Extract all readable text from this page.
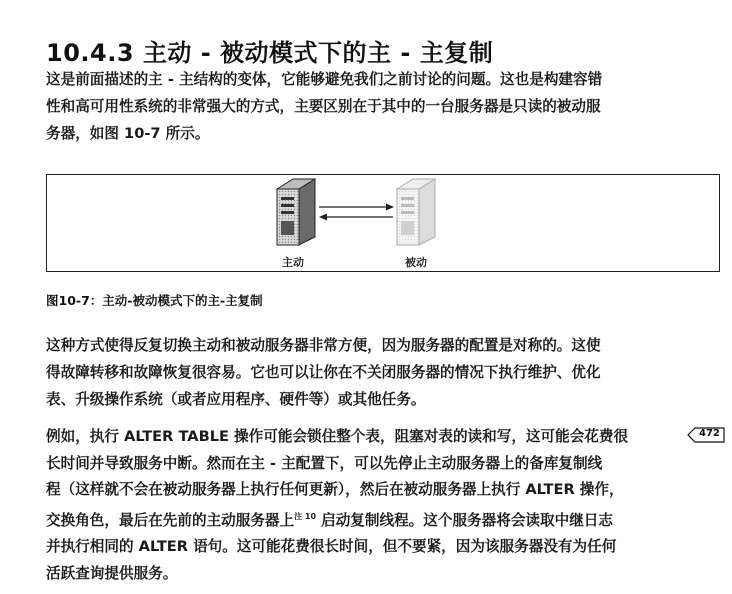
10.4.3 主动 - 被动模式下的主 - 主复制
这是前面描述的主 - 主结构的变体，它能够避免我们之前讨论的问题。这也是构建容错
性和高可用性系统的非常强大的方式，主要区别在于其中的一台服务器是只读的被动服
务器，如图 10-7 所示。
主动	被动
图10-7：主动-被动模式下的主-主复制
这种方式使得反复切换主动和被动服务器非常方便，因为服务器的配置是对称的。这使
得故障转移和故障恢复很容易。它也可以让你在不关闭服务器的情况下执行维护、优化
表、升级操作系统（或者应用程序、硬件等）或其他任务。
例如，执行 ALTER TABLE 操作可能会锁住整个表，阻塞对表的读和写，这可能会花费很
长时间并导致服务中断。然而在主 - 主配置下，可以先停止主动服务器上的备库复制线
程（这样就不会在被动服务器上执行任何更新），然后在被动服务器上执行 ALTER 操作，
交换角色，最后在先前的主动服务器上$^{注 10}$ 启动复制线程。这个服务器将会读取中继日志
并执行相同的 ALTER 语句。这可能花费很长时间，但不要紧，因为该服务器没有为任何
活跃查询提供服务。
472
